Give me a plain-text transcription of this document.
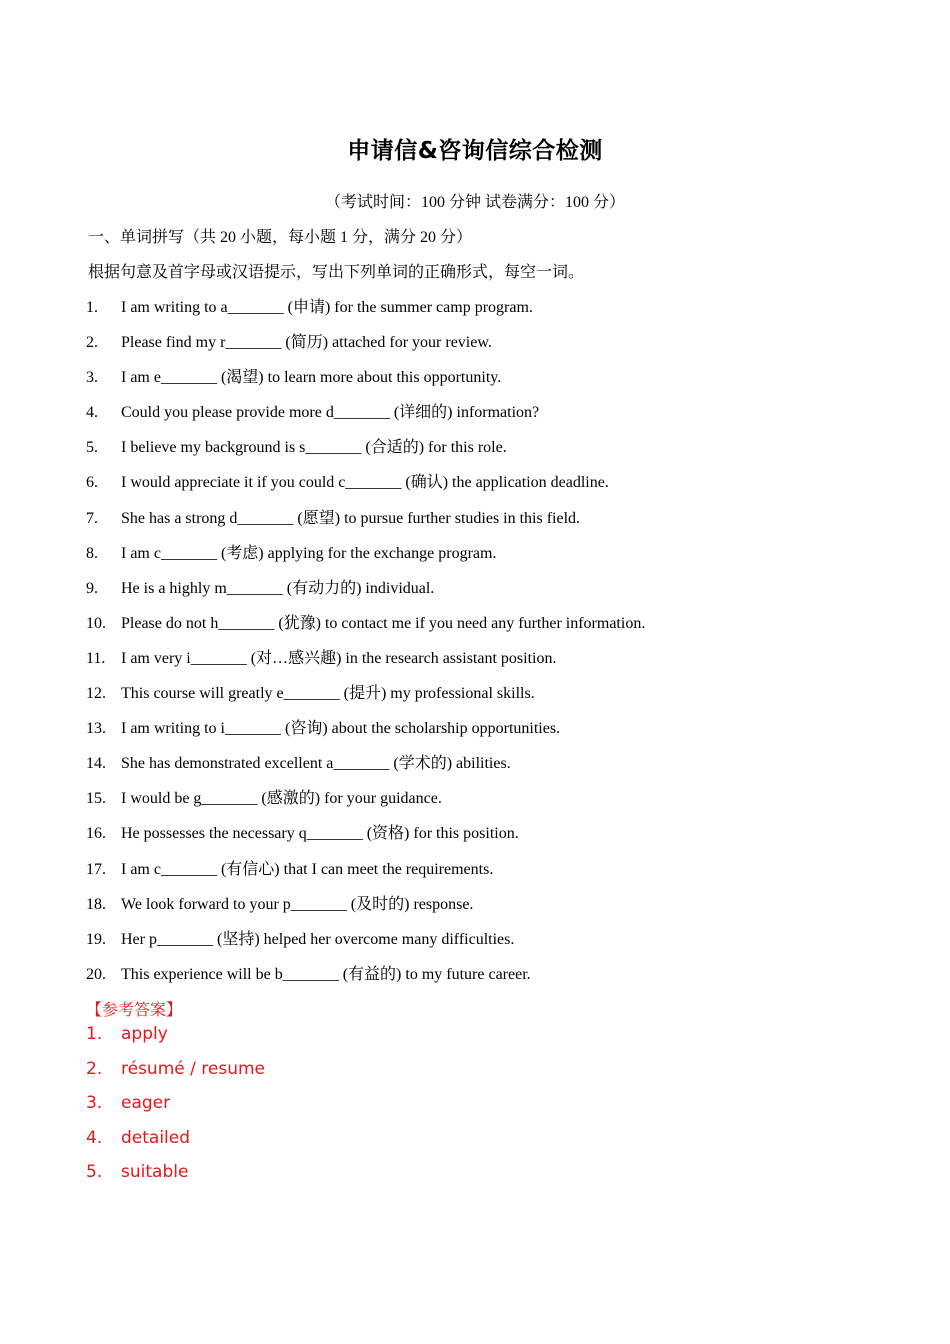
申请信&咨询信综合检测
（考试时间：100 分钟 试卷满分：100 分）
一、单词拼写（共 20 小题，每小题 1 分，满分 20 分）
根据句意及首字母或汉语提示，写出下列单词的正确形式，每空一词。
1. I am writing to a_______ (申请) for the summer camp program.
2. Please find my r_______ (简历) attached for your review.
3. I am e_______ (渴望) to learn more about this opportunity.
4. Could you please provide more d_______ (详细的) information?
5. I believe my background is s_______ (合适的) for this role.
6. I would appreciate it if you could c_______ (确认) the application deadline.
7. She has a strong d_______ (愿望) to pursue further studies in this field.
8. I am c_______ (考虑) applying for the exchange program.
9. He is a highly m_______ (有动力的) individual.
10. Please do not h_______ (犹豫) to contact me if you need any further information.
11. I am very i_______ (对…感兴趣) in the research assistant position.
12. This course will greatly e_______ (提升) my professional skills.
13. I am writing to i_______ (咨询) about the scholarship opportunities.
14. She has demonstrated excellent a_______ (学术的) abilities.
15. I would be g_______ (感激的) for your guidance.
16. He possesses the necessary q_______ (资格) for this position.
17. I am c_______ (有信心) that I can meet the requirements.
18. We look forward to your p_______ (及时的) response.
19. Her p_______ (坚持) helped her overcome many difficulties.
20. This experience will be b_______ (有益的) to my future career.
【参考答案】
1. apply
2. résumé / resume
3. eager
4. detailed
5. suitable
